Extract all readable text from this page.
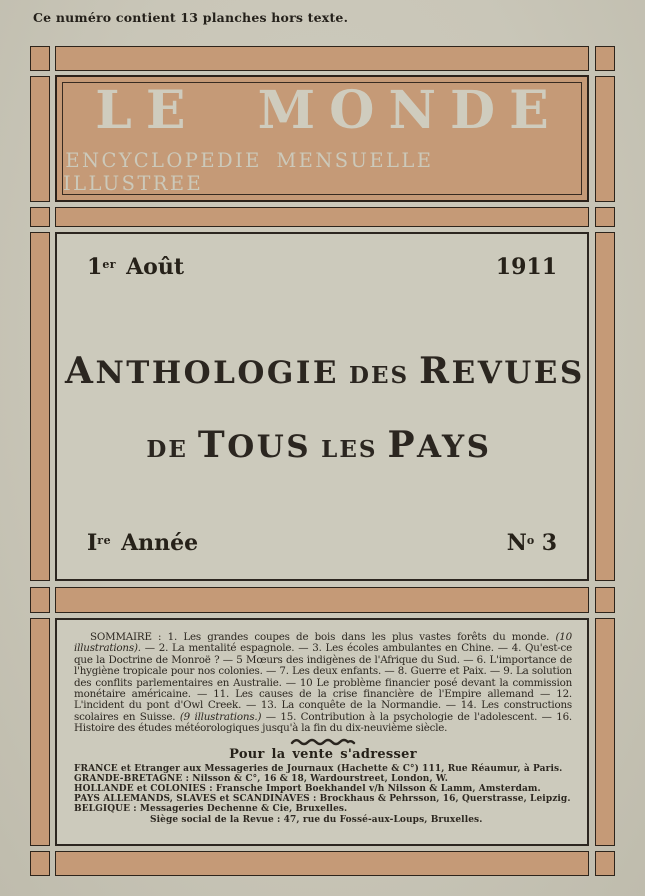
Ce numéro contient 13 planches hors texte.
LE MONDE
ENCYCLOPEDIE MENSUELLE ILLUSTREE
1er Août	1911
ANTHOLOGIE DES REVUES
DE TOUS LES PAYS
Ire Année	$N^o$ 3
SOMMAIRE : 1. Les grandes coupes de bois dans les plus vastes forêts du monde. (10 illustrations). — 2. La mentalité espagnole. — 3. Les écoles ambulantes en Chine. — 4. Qu'est-ce que la Doctrine de Monroë ? — 5 Mœurs des indigènes de l'Afrique du Sud. — 6. L'importance de l'hygiène tropicale pour nos colonies. — 7. Les deux enfants. — 8. Guerre et Paix. — 9. La solution des conflits parlementaires en Australie. — 10 Le problème financier posé devant la commission monétaire américaine. — 11. Les causes de la crise financière de l'Empire allemand — 12. L'incident du pont d'Owl Creek. — 13. La conquête de la Normandie. — 14. Les constructions scolaires en Suisse. (9 illustrations.) — 15. Contribution à la psychologie de l'adolescent. — 16. Histoire des études météorologiques jusqu'à la fin du dix-neuvième siècle.
Pour la vente s'adresser
FRANCE et Etranger aux Messageries de Journaux (Hachette & C°) 111, Rue Réaumur, à Paris.
GRANDE-BRETAGNE : Nilsson & C°, 16 & 18, Wardourstreet, London, W.
HOLLANDE et COLONIES : Fransche Import Boekhandel v/h Nilsson & Lamm, Amsterdam.
PAYS ALLEMANDS, SLAVES et SCANDINAVES : Brockhaus & Pehrsson, 16, Querstrasse, Leipzig.
BELGIQUE : Messageries Dechenne & Cie, Bruxelles.
Siège social de la Revue : 47, rue du Fossé-aux-Loups, Bruxelles.
